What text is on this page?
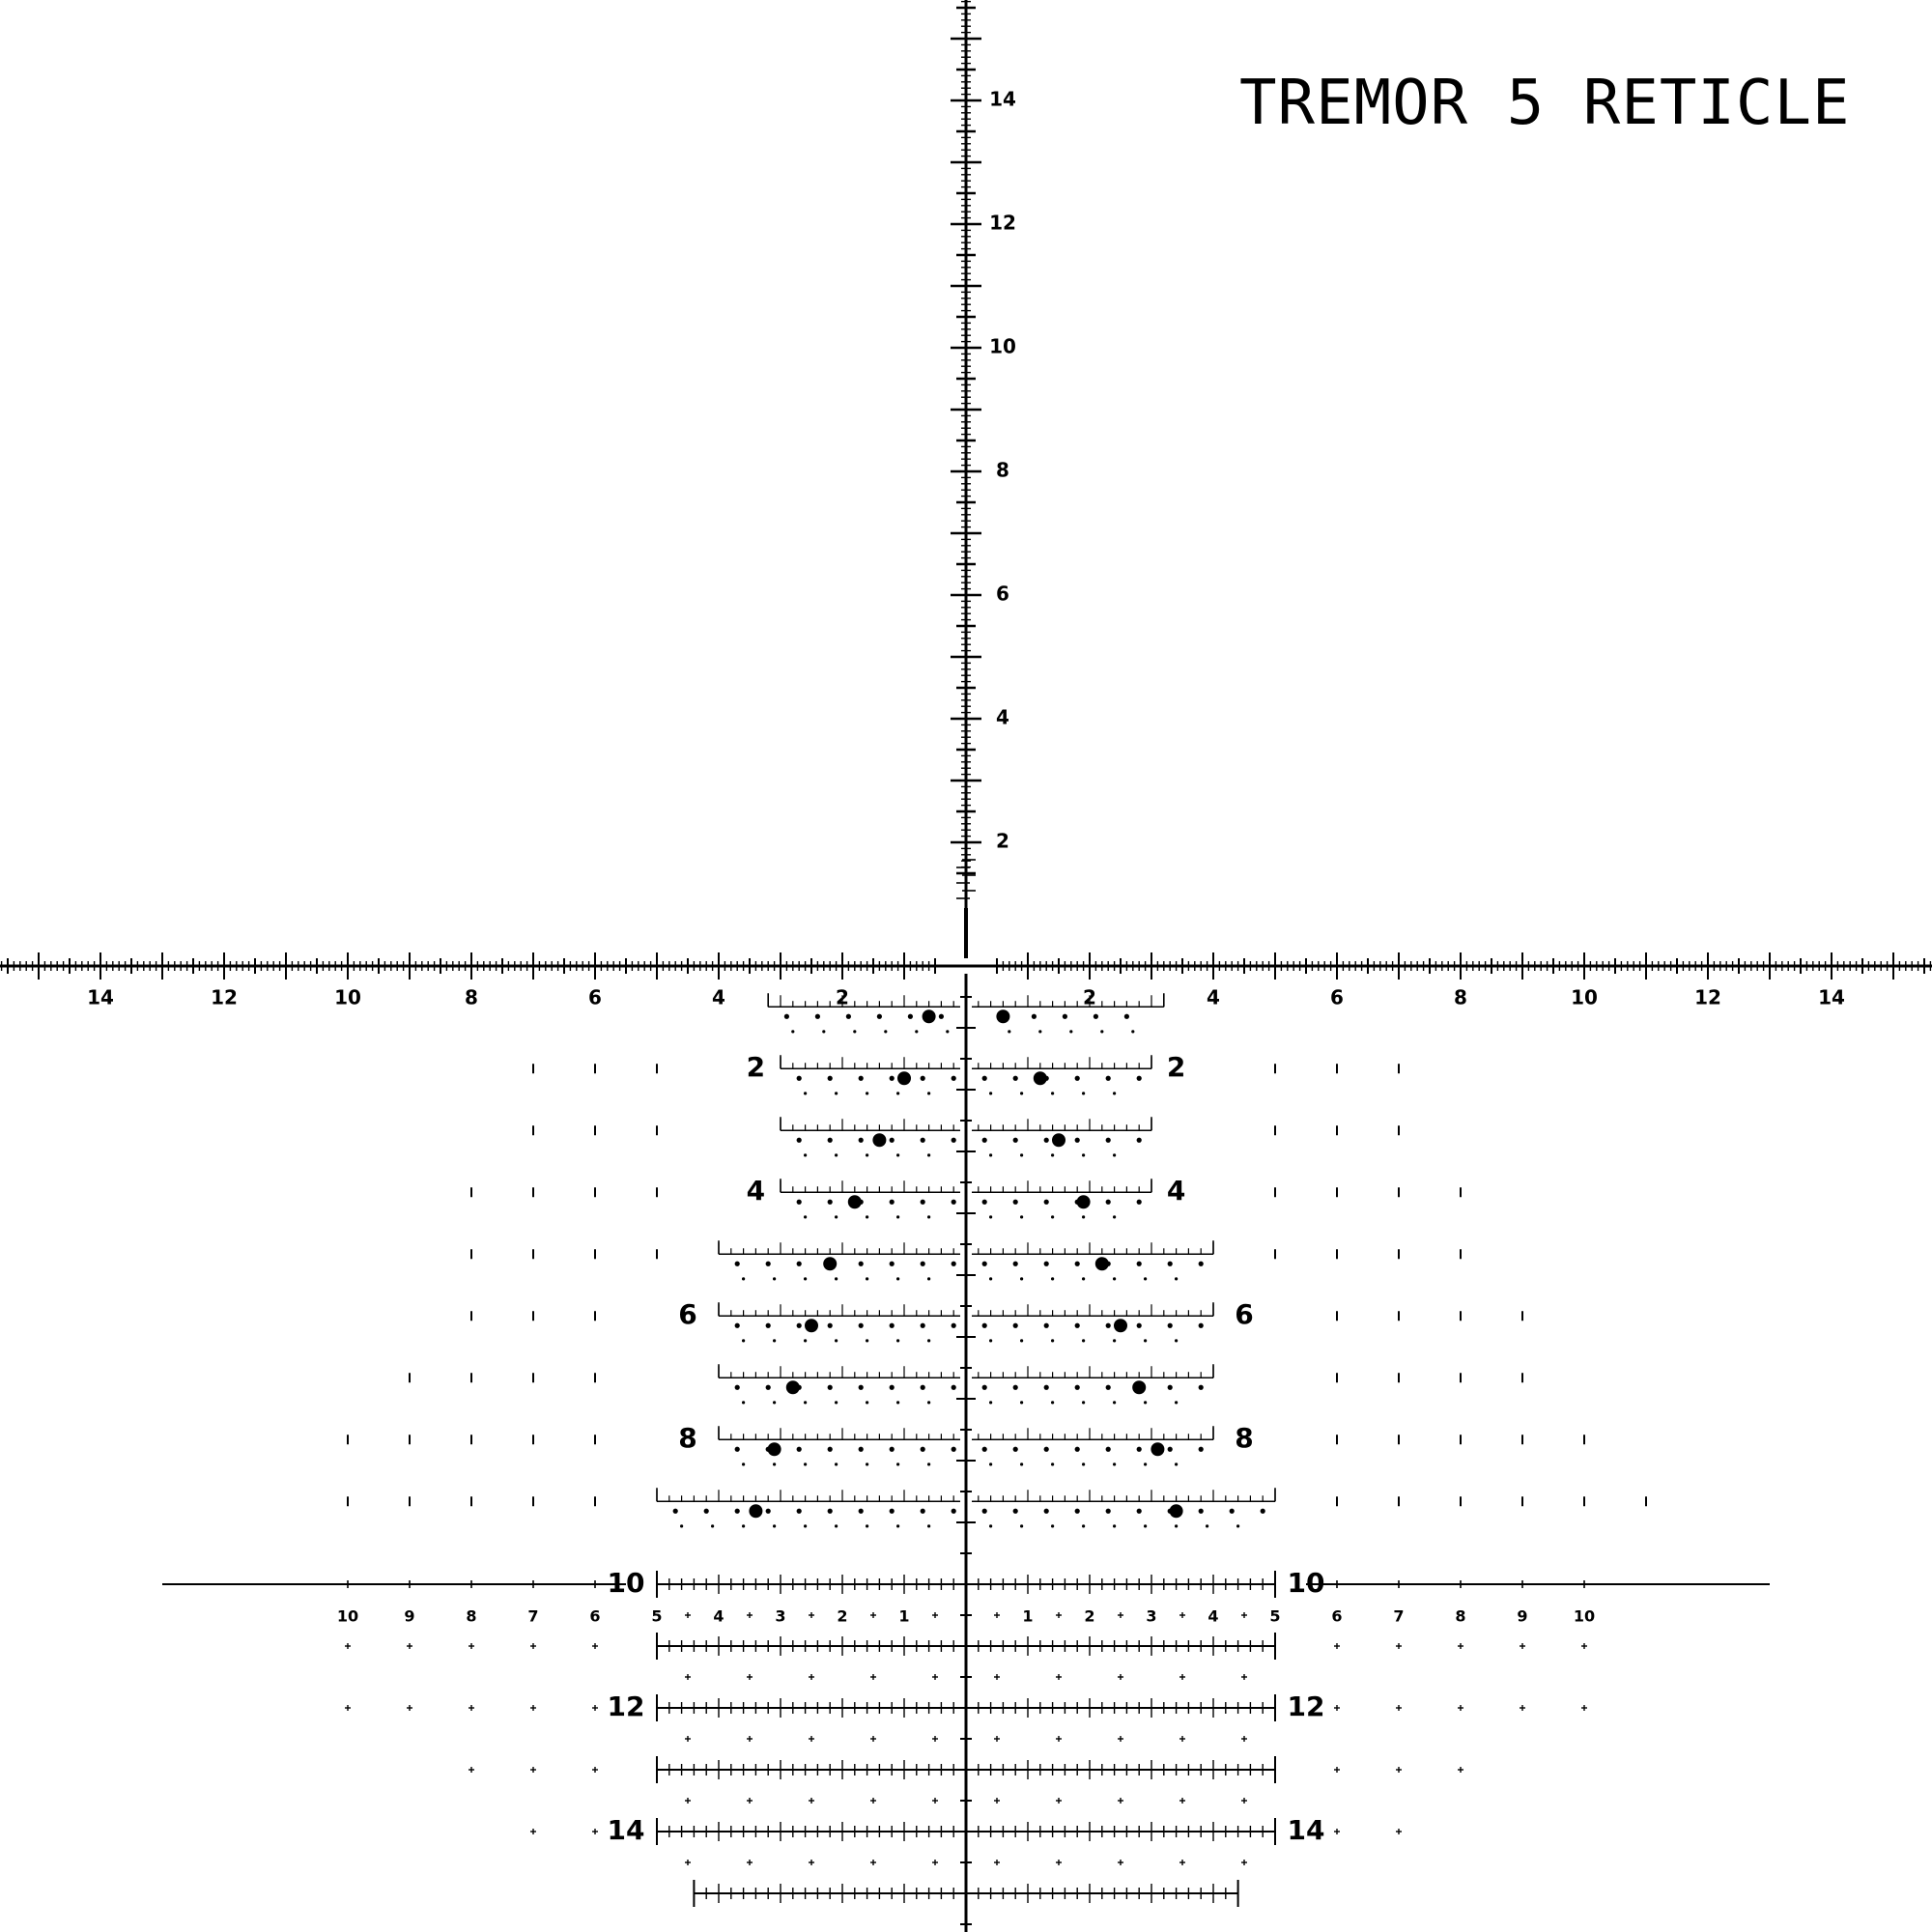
TREMOR 5 RETICLE
14	12	10	8	6	4	2	2	4	6	8	10	12	14
2
4
6
8
10
12
14
2	2
4	4
6	6
8	8
10	10
12	12
14	14
10	9	8	7	6	5	4	3	2	1	1	2	3	4	5	6	7	8	9	10
